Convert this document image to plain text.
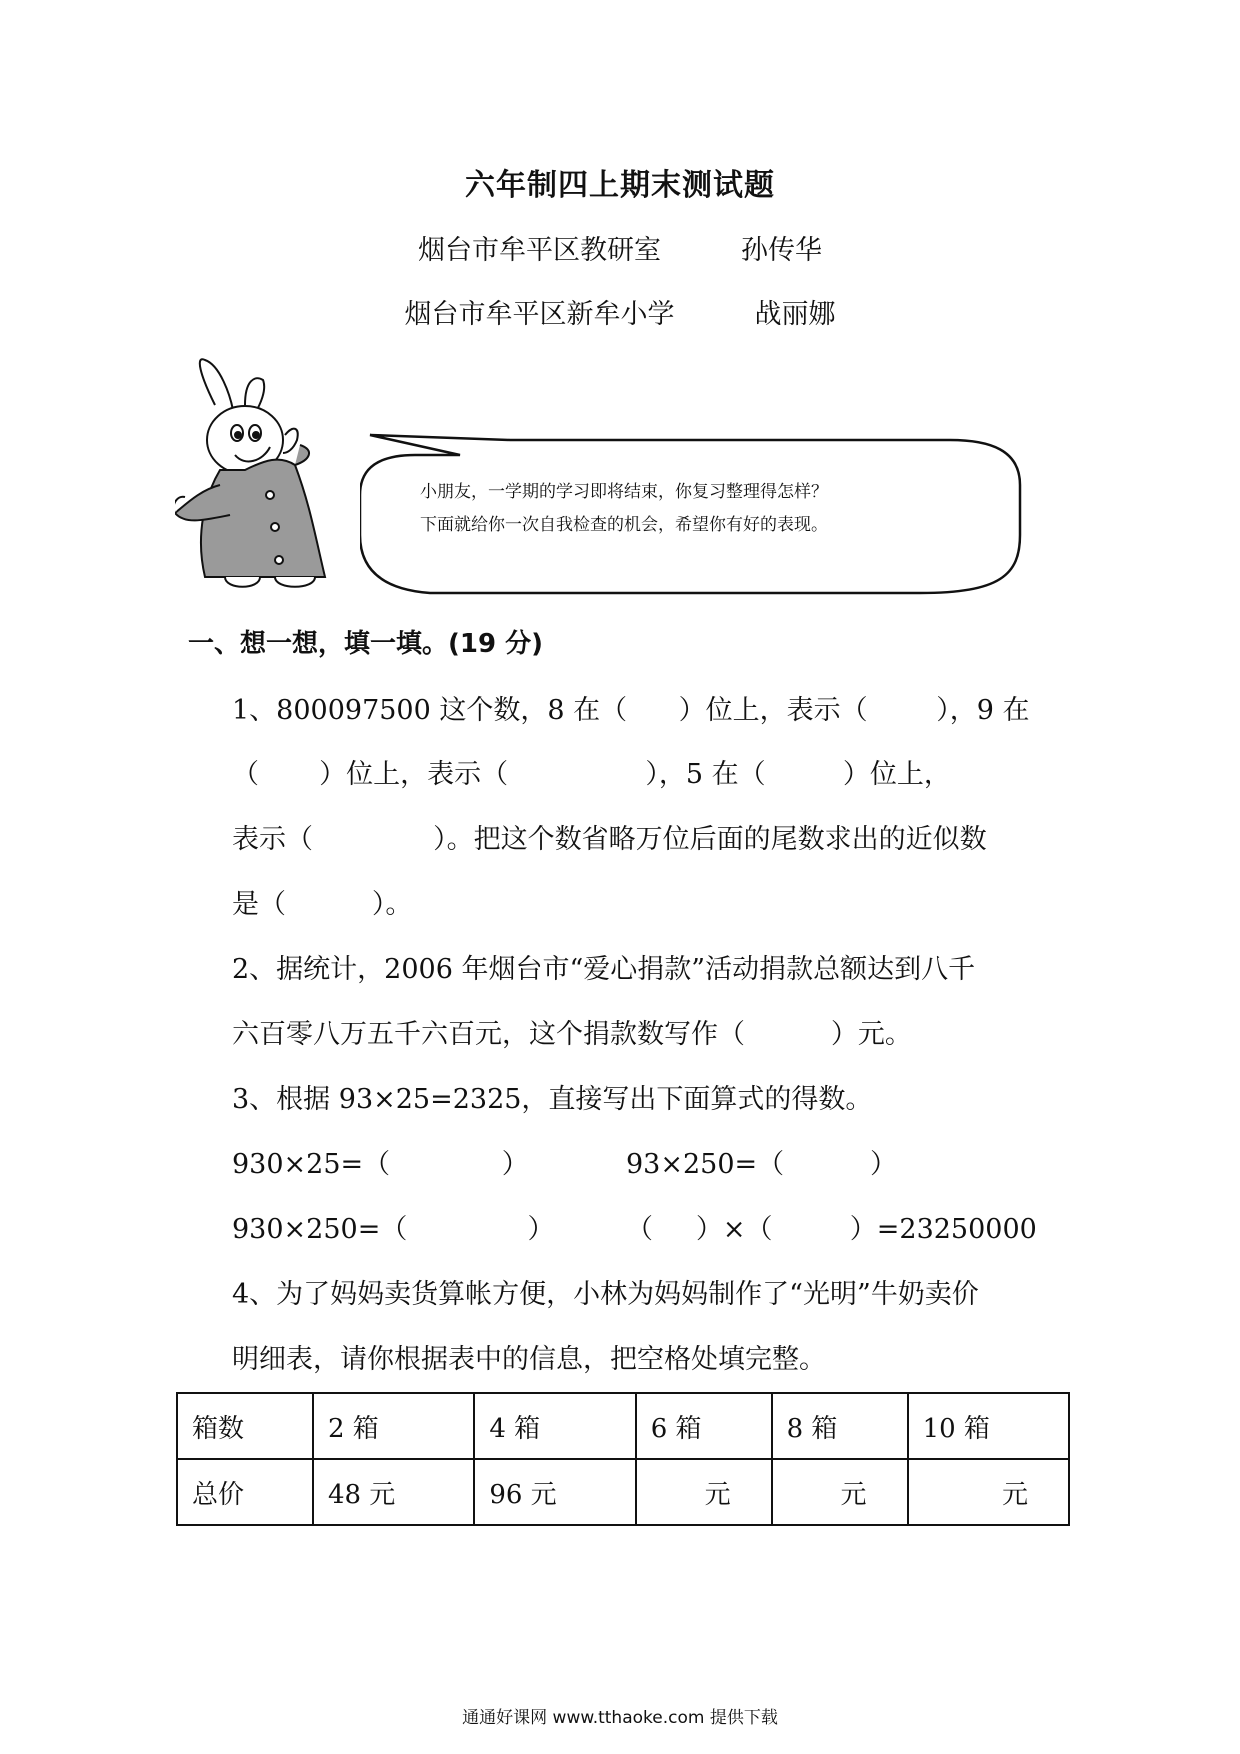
六年制四上期末测试题
烟台市牟平区教研室	孙传华
烟台市牟平区新牟小学	战丽娜
小朋友，一学期的学习即将结束，你复习整理得怎样？
下面就给你一次自我检查的机会，希望你有好的表现。
一、想一想，填一填。(19 分)
1、800097500 这个数，8 在（      ）位上，表示（        ），9 在
（       ）位上，表示（                ），5 在（         ）位上，
表示（              ）。把这个数省略万位后面的尾数求出的近似数
是（          ）。
2、据统计，2006 年烟台市“爱心捐款”活动捐款总额达到八千
六百零八万五千六百元，这个捐款数写作（          ）元。
3、根据 93×25=2325，直接写出下面算式的得数。
930×25=（             ）	93×250=（          ）
930×250=（              ）	（     ）×（         ）=23250000
4、为了妈妈卖货算帐方便，小林为妈妈制作了“光明”牛奶卖价
明细表，请你根据表中的信息，把空格处填完整。
箱数	2 箱	4 箱	6 箱	8 箱	10 箱
总价	48 元	96 元	元	元	元
通通好课网 www.tthaoke.com 提供下载
